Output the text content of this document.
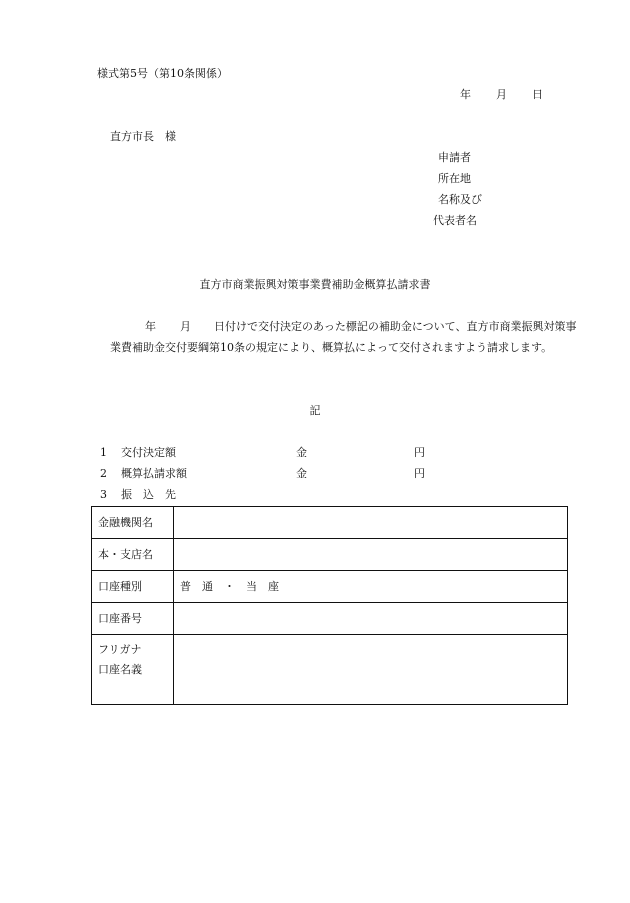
様式第5号（第10条関係）
年 月 日
直方市長　様
申請者
所在地
名称及び
代表者名
直方市商業振興対策事業費補助金概算払請求書
年 月 日付けで交付決定のあった標記の補助金について、直方市商業振興対策事業費補助金交付要綱第10条の規定により、概算払によって交付されますよう請求します。
記
1 交付決定額	金	円
2 概算払請求額	金	円
3 振　込　先
金融機関名	
本・支店名	
口座種別	普　通　・　当　座
口座番号	

フリガナ
口座名義	
